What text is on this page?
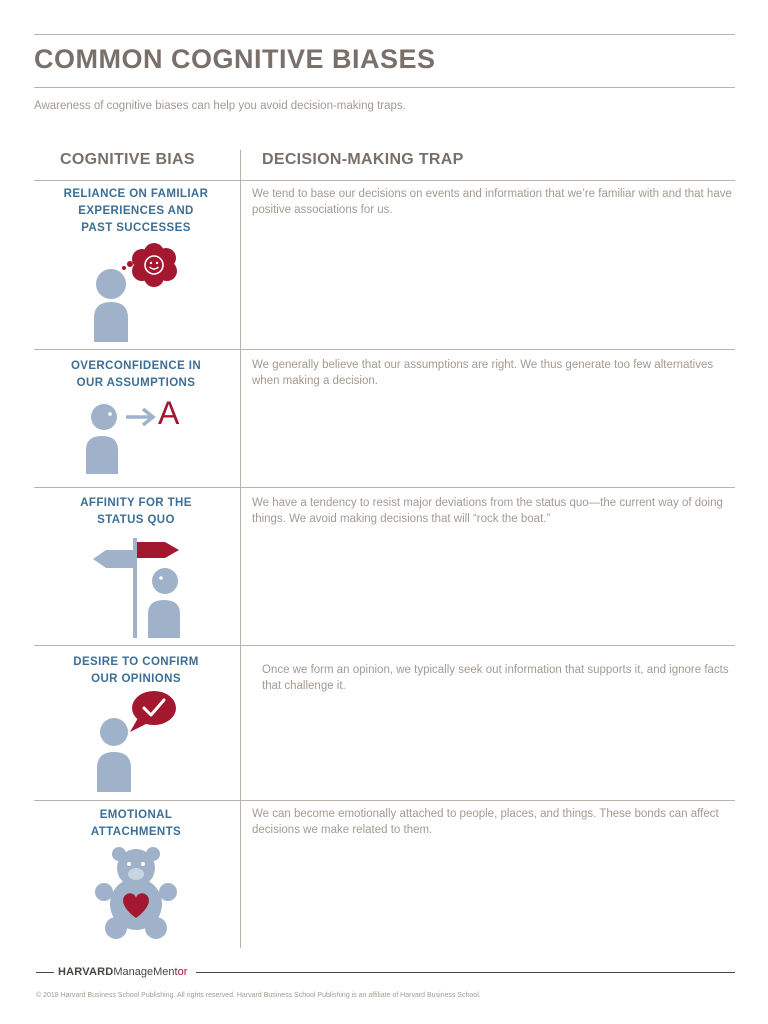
COMMON COGNITIVE BIASES
Awareness of cognitive biases can help you avoid decision-making traps.
COGNITIVE BIAS	DECISION-MAKING TRAP
RELIANCE ON FAMILIAR
EXPERIENCES AND
PAST SUCCESSES
We tend to base our decisions on events and information that we’re familiar with and that have positive associations for us.
OVERCONFIDENCE IN
OUR ASSUMPTIONS
We generally believe that our assumptions are right. We thus generate too few alternatives when making a decision.
A
AFFINITY FOR THE
STATUS QUO
We have a tendency to resist major deviations from the status quo—the current way of doing things. We avoid making decisions that will “rock the boat.”
DESIRE TO CONFIRM
OUR OPINIONS
Once we form an opinion, we typically seek out information that supports it, and ignore facts that challenge it.
EMOTIONAL
ATTACHMENTS
We can become emotionally attached to people, places, and things. These bonds can affect decisions we make related to them.
HARVARDManageMentor
© 2018 Harvard Business School Publishing. All rights reserved. Harvard Business School Publishing is an affiliate of Harvard Business School.
